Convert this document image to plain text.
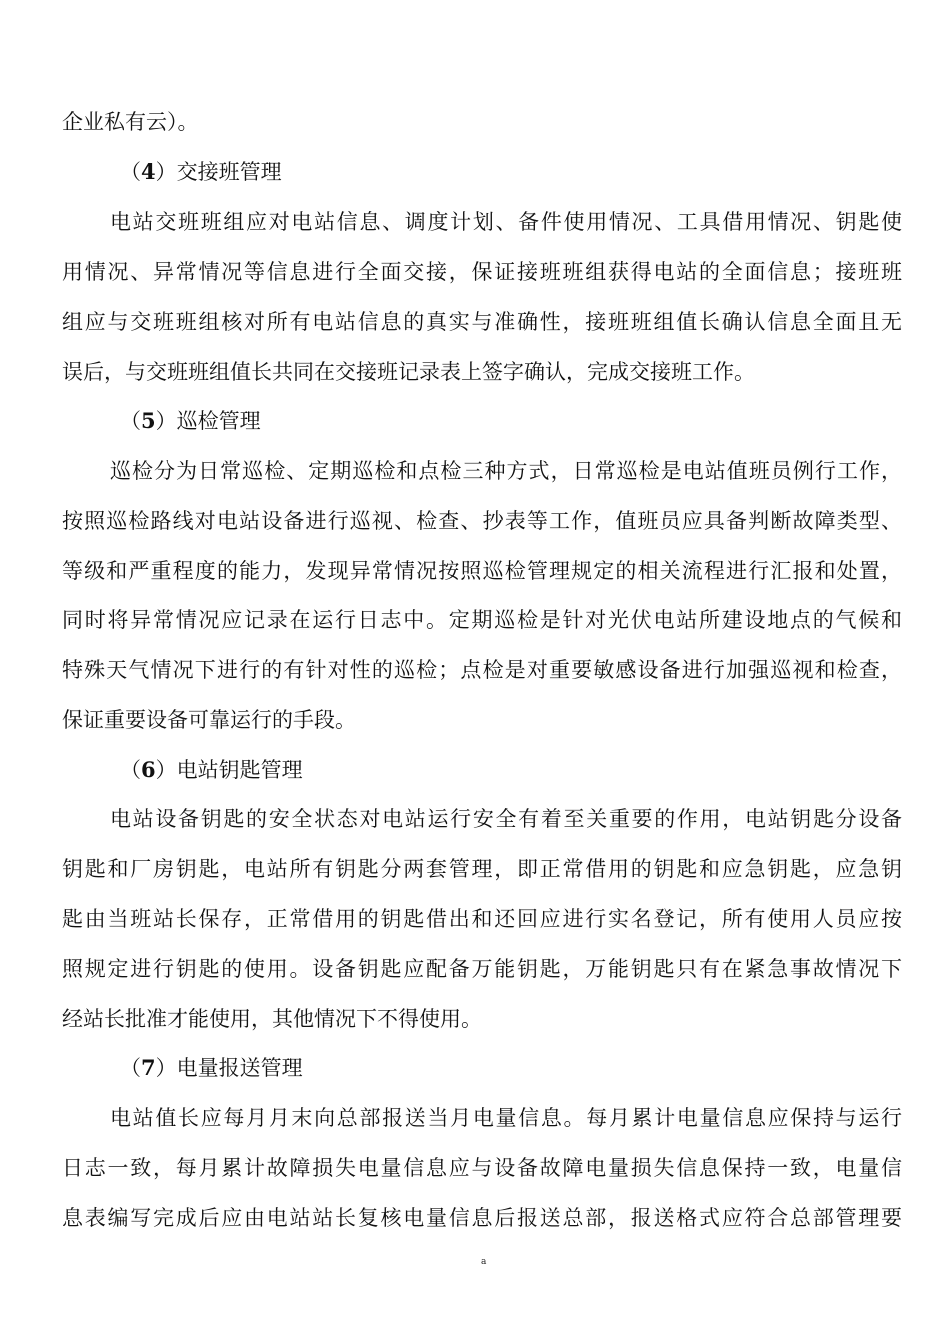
企业私有云）。
（4）交接班管理
电站交班班组应对电站信息、调度计划、备件使用情况、工具借用情况、钥匙使
用情况、异常情况等信息进行全面交接，保证接班班组获得电站的全面信息；接班班
组应与交班班组核对所有电站信息的真实与准确性，接班班组值长确认信息全面且无
误后，与交班班组值长共同在交接班记录表上签字确认，完成交接班工作。
（5）巡检管理
巡检分为日常巡检、定期巡检和点检三种方式，日常巡检是电站值班员例行工作，
按照巡检路线对电站设备进行巡视、检查、抄表等工作，值班员应具备判断故障类型、
等级和严重程度的能力，发现异常情况按照巡检管理规定的相关流程进行汇报和处置，
同时将异常情况应记录在运行日志中。定期巡检是针对光伏电站所建设地点的气候和
特殊天气情况下进行的有针对性的巡检；点检是对重要敏感设备进行加强巡视和检查，
保证重要设备可靠运行的手段。
（6）电站钥匙管理
电站设备钥匙的安全状态对电站运行安全有着至关重要的作用，电站钥匙分设备
钥匙和厂房钥匙，电站所有钥匙分两套管理，即正常借用的钥匙和应急钥匙，应急钥
匙由当班站长保存，正常借用的钥匙借出和还回应进行实名登记，所有使用人员应按
照规定进行钥匙的使用。设备钥匙应配备万能钥匙，万能钥匙只有在紧急事故情况下
经站长批准才能使用，其他情况下不得使用。
（7）电量报送管理
电站值长应每月月末向总部报送当月电量信息。每月累计电量信息应保持与运行
日志一致，每月累计故障损失电量信息应与设备故障电量损失信息保持一致，电量信
息表编写完成后应由电站站长复核电量信息后报送总部，报送格式应符合总部管理要
a
